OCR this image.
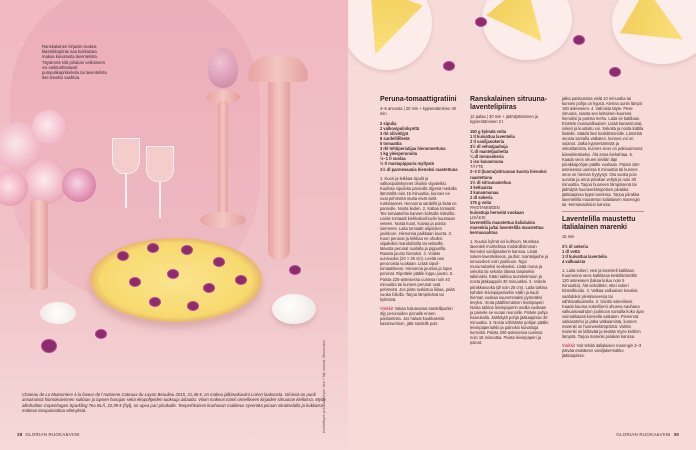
Ranskalainen kirjaisin-makea klassikkopiiras saa kukkaisaa makua kuivatusta laventelista. Täydennä sitä piirakan valkoiseen voi vaihtoehtoisesti pumpulikaprkkeleita tai laventelista itse leivottu vaahtoa.
Kuvitettujen ja kukkapohjan: Niio + My, kukkat: Stockmann
Chateau de La Mutonniere à la faveur de l'Automne Coteaux du Layon Beaulieu 2015, 21,48 €, on makea jälkiruokaviini Loiren laaksosta. Viinissä on puoli ansainaisiä hiomokuivinnen suklaan ja lapsen hunajan sekä ekopohjeiden tuoksuja aiitauttu. Viinin makeus toimii onnelliseen kirjaiden sitruunan kiellossa. Myös alkoholiton Copenhagen Sparkling Tea BLÅ, 22,99 € (hyl), on upea pari piirakalle. Teeperhkaisen kuohuvan makkeus syventää piiraan sitrukselalla ja kukkaisa makeus tasapainoittaa elämyksiä.
38 GLORIAN RUOKA&VIINI
Peruna-tomaattigratiini
4–6 annosta | 20 min + kypsentäminen 40 min
2 sipulia
2 valkosipulinkynttä
3 rkl oliiviöljyä
8 sardelliﬁleetä
5 tomaattia
3 rkl tehtiperiatijaa hienonnettuna
1 kg yleisperunoita
½–1 tl suolaa
½ tl mustapippuria myllystä
1½ dl parmesaania hienoksi raastettuna

1. Kuori ja leikkaa sipulit ja valkosipulinkynnet ohuiksi viipaleiksi. Kuullota sipuleita pannulla öljyssä medalla lämmöllä noin 15 minuuttia, kunnes ne ovat pehmeitä mutta eivät vielä ruskistuneet. Hienonna sardellit ja lisää ne pannulle. Nosta lieden. 2. Kaltaa tomaatit. Tee tomaateihin kannen kohtalle ristiviilto. Laske tomaatit kiehkakuohuviin kuumaan veteen. Nosta kuori, kuivaa ja poista siemenet. Laita tomaatit alipoisten joukkoon. Hienonna paikkaan kuorta. 3. Kuori perunat ja leikkaa ne ohuiksi viipaleiksi mandoliinilla tai veitsellä. Mausta perunat suolalla ja pippurilla. Raasta juusto hienoksi. 4. Voitele uunivuoka (20 × 25 cm). Levitä osa perunoista vuokaan. Lisää sipuli-tomaattiseos. Hienonna juustoa ja loput perunat. Ripottele päälle loppu juusto. 5. Paista 225-asteisessa uunissa noin 40 minuuttia tai kunnes perunat ovat pehmeitä. Jos pinta ruskistuu liikaa, peitä vuoka foliolla. Tarjoa lämpimänä tai kylmänä.

Vinkki! Valuta halutessasi sardellipurkin öljy perunoiden pinnalle ennen paistamista. Jos haluat kuukkaeista kasvisversion, jätä sardellit pois.

Ranskalainen sitruuna-laventelipiiras
12 palaa | 30 min + jäähdyttäminen ja kypsentäminen 3 t
150 g kylmää voita
1 tl kuivattua laventelia
2 tl vaniljasokeria
3½ dl vehnäjauhoja
¾ dl manteljauhetta
¼ dl tomusokeria
1 iso kananmuna
TÄYTE
2–3 tl (luomu)sitruunan kuorta hienoksi raastettuna
1½ dl sitruunamehua
3 keltuaista
3 kananmunaa
2 dl sokeria
175 g voita
PAISTAMISEEN
kuivattuja herneitä vuokaan
LISÄKSI
laventelilla maustettua italialaista marenkia ja/tai laventelilla maustettua kermavaahtoa

1. Kuutioi kylmä voi kulhoon. Murskaa laventeli morttelissa mahdollisimman hienoksi vaniljasokerin kanssa. Lisää sokeri-laventeliseos, jauhot, manteljauhe ja tomusokeri voin joukkoon. Nypi murumaiseksi seokseksi. Lisää muna ja sekoita tai sekoita tilassa tasaiseksi taikinaksi. Kääri taikina tuorekelmuun ja nosta jääkaappiin 30 minuutiksi. 2. Voitele piirakkavuoka (Ø noin 25 cm). Laita taikina kahden leivinpaperiarkin väliin ja kauli hieman vuokaa suuremmaksi pyöreäksi levyksi. Irrota päällimmäinen leivinpaperi. Nosta taikina leivinpaperin avulla vuokaan ja painele se vuoan reunoille. Pistele pohja haarukalla. Jäähdytä pohja jääkaapissa 30 minuuttia. 3. Nosta vähintään pohjan päälle leivinpaperiarkki ja painoksi kuivattuja herneitä. Paista 200-asteisessa uunissa noin 15 minuuttia. Poista leivinpaperi ja painot.

jatka paistamista vielä 10 minuuttia tai kunnes pohja on kypsä. Alenna uunin lämpö 160 asteeseen. 4. Valmista täyte. Pese sitruuna, raasta sen keltainen kuorena hienoksi ja purista mehu. Laita se kattilaan. Erottele munavalkuaiset. Lisää kananmunat, sokeri ja kuutioitu voi. Sekoita ja nosta kattila liedelle. Säädä lievi keskilämmölle. Lämmitä seosta samalla vatkaten, kunnes voi on sulanut. Jatka kypsentämistä ja sekoittamista, kunnes seos on paksuuntunut kiisselimäiseksi. Älä anna kiehahtaa. 5. Kaada seos ohuen siivilän läpi piirakkapohjan päälle vuokaan. Paista 160-asteisessa uunissa 5 minuuttia tai kunnes seos on hieman hyytynyt. Ota vuoka pois uunista ja anna piirakan veltyä ja noin 30 minuuttia. Tarjoa huoneen lämpöisenä tai jäähdytä huoneenlämpöisen piirakka jääkaapissa kypsi-tunnissa. Tarjoa piirakka laventelilla maustetun italialaisen marengin tai -kermavaahdon kanssa.

Laventelilla maustettu italialainen marenki
15 min
2½ dl sokeria
1 dl vettä
1 tl kuivattua laventelia
4 valkuaista

1. Laita sokeri, vesi ja laventeli kattilaan. Kuumenna seos kattilassa keskilämmöllä 120 asteeseen (lakaa kuluu noin 5 minuuttia). Älä sekoittele; ettei sokeri kristallisoidu. 2. Valkaa valkuaiset kovaksi vaahdoksi yleiskoneessa tai sähkövatkaimella. 3. Siivilöi sokeriliemi. Kaada kuuma sokeriliemi ohuena nauhana valkuaisvaahdon joukkoon samalla koko ajan voimakkaasti koneella vatkaten. Pienennä vatkausteho ja jatka vatkaamista, kunnes marenki on huoneenlämpöistä. Valmis marenki on kiiltävää ja kestää myös keittiön lämpöä. Tarjoa marenki piirakan kanssa.

Vinkki! Voit tehdä italialaisen marengin 2–3 päivää etukäteen vaniljakermakko jääkaapissa.

GLORIAN RUOKA&VIINI 39
